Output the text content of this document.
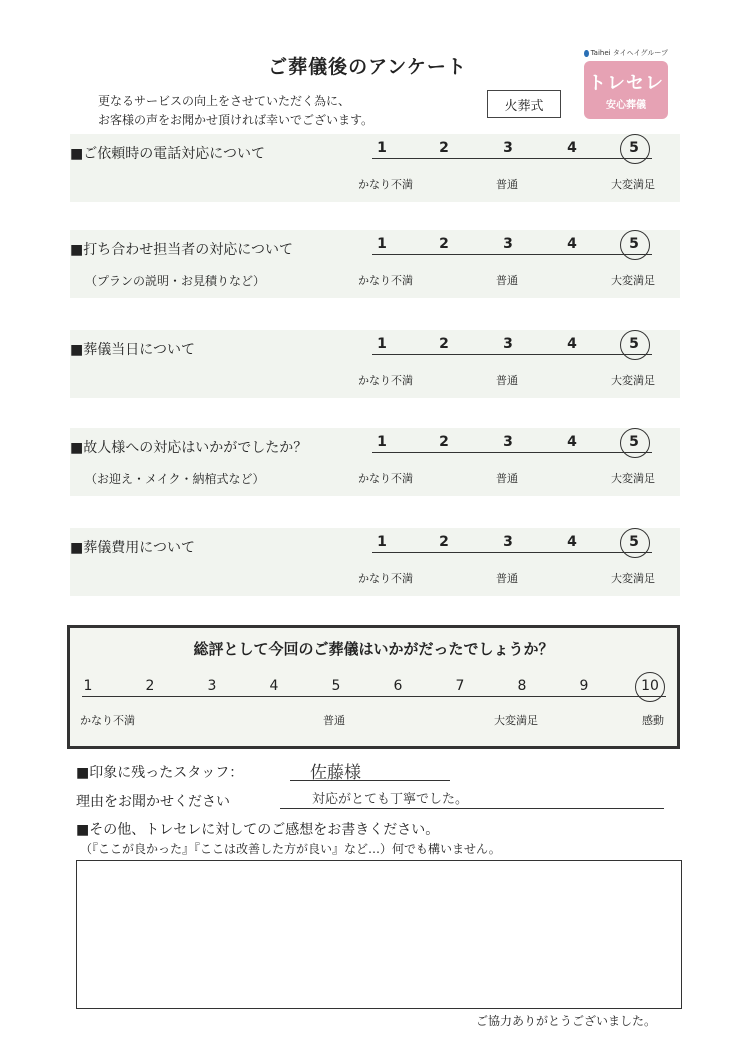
ご葬儀後のアンケート
更なるサービスの向上をさせていただく為に、
お客様の声をお聞かせ頂ければ幸いでございます。
火葬式
Taihei タイヘイグループ
トレセレ
安心葬儀
■ご依頼時の電話対応について	1	2	3	4	5
かなり不満	普通	大変満足
■打ち合わせ担当者の対応について
（プランの説明・お見積りなど）
1	2	3	4	5
かなり不満	普通	大変満足
■葬儀当日について	1	2	3	4	5
かなり不満	普通	大変満足
■故人様への対応はいかがでしたか？
（お迎え・メイク・納棺式など）
1	2	3	4	5
かなり不満	普通	大変満足
■葬儀費用について	1	2	3	4	5
かなり不満	普通	大変満足
総評として今回のご葬儀はいかがだったでしょうか？
1	2	3	4	5	6	7	8	9	10
かなり不満	普通	大変満足	感動
■印象に残ったスタッフ：	佐藤様
理由をお聞かせください	対応がとても丁寧でした。
■その他、トレセレに対してのご感想をお書きください。
（『ここが良かった』『ここは改善した方が良い』など…）何でも構いません。
ご協力ありがとうございました。
